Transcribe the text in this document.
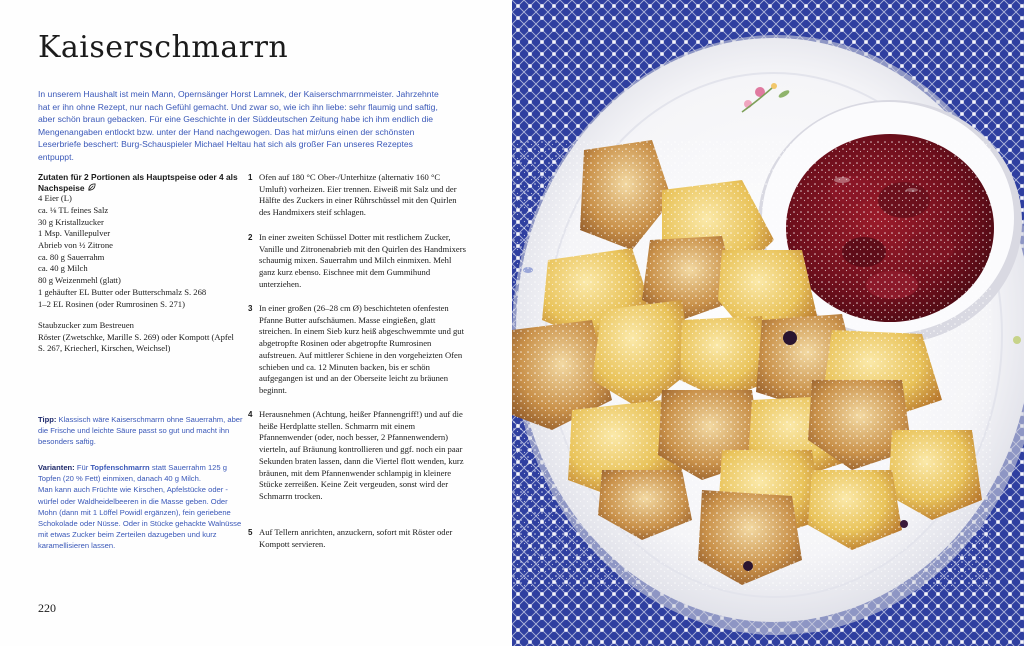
Kaiserschmarrn

In unserem Haushalt ist mein Mann, Opernsänger Horst Lamnek, der Kaiserschmarrnmeister. Jahrzehnte hat er ihn ohne Rezept, nur nach Gefühl gemacht. Und zwar so, wie ich ihn liebe: sehr flaumig und saftig, aber schön braun gebacken. Für eine Geschichte in der Süddeutschen Zeitung habe ich ihm endlich die Mengenangaben entlockt bzw. unter der Hand nachgewogen. Das hat mir/uns einen der schönsten Leserbriefe beschert: Burg-Schauspieler Michael Heltau hat sich als großer Fan unseres Rezeptes entpuppt.

Zutaten für 2 Portionen als Hauptspeise oder 4 als Nachspeise
4 Eier (L)
ca. ⅛ TL feines Salz
30 g Kristallzucker
1 Msp. Vanillepulver
Abrieb von ½ Zitrone
ca. 80 g Sauerrahm
ca. 40 g Milch
80 g Weizenmehl (glatt)
1 gehäufter EL Butter oder Butterschmalz S. 268
1–2 EL Rosinen (oder Rumrosinen S. 271)

Staubzucker zum Bestreuen

Röster (Zwetschke, Marille S. 269) oder Kompott (Apfel S. 267, Kriecherl, Kirschen, Weichsel)

Tipp: Klassisch wäre Kaiserschmarrn ohne Sauerrahm, aber die Frische und leichte Säure passt so gut und macht ihn besonders saftig.

Varianten: Für Topfenschmarrn statt Sauerrahm 125 g Topfen (20 % Fett) einmixen, danach 40 g Milch.

Man kann auch Früchte wie Kirschen, Apfelstücke oder -würfel oder Waldheidelbeeren in die Masse geben. Oder Mohn (dann mit 1 Löffel Powidl ergänzen), fein geriebene Schokolade oder Nüsse. Oder in Stücke gehackte Walnüsse mit etwas Zucker beim Zerteilen dazugeben und kurz karamellisieren lassen.

1 Ofen auf 180 °C Ober-/Unterhitze (alternativ 160 °C Umluft) vorheizen. Eier trennen. Eiweiß mit Salz und der Hälfte des Zuckers in einer Rührschüssel mit den Quirlen des Handmixers steif schlagen.
2 In einer zweiten Schüssel Dotter mit restlichem Zucker, Vanille und Zitronenabrieb mit den Quirlen des Handmixers schaumig mixen. Sauerrahm und Milch einmixen. Mehl ganz kurz ebenso. Eischnee mit dem Gummihund unterziehen.
3 In einer großen (26–28 cm Ø) beschichteten ofenfesten Pfanne Butter aufschäumen. Masse eingießen, glatt streichen. In einem Sieb kurz heiß abgeschwemmte und gut abgetropfte Rosinen oder abgetropfte Rumrosinen aufstreuen. Auf mittlerer Schiene in den vorgeheizten Ofen schieben und ca. 12 Minuten backen, bis er schön aufgegangen ist und an der Oberseite leicht zu bräunen beginnt.
4 Herausnehmen (Achtung, heißer Pfannengriff!) und auf die heiße Herdplatte stellen. Schmarrn mit einem Pfannenwender (oder, noch besser, 2 Pfannenwendern) vierteln, auf Bräunung kontrollieren und ggf. noch ein paar Sekunden braten lassen, dann die Viertel flott wenden, kurz bräunen, mit dem Pfannenwender schlampig in kleinere Stücke zerreißen. Keine Zeit vergeuden, sonst wird der Schmarrn trocken.
5 Auf Tellern anrichten, anzuckern, sofort mit Röster oder Kompott servieren.

220
